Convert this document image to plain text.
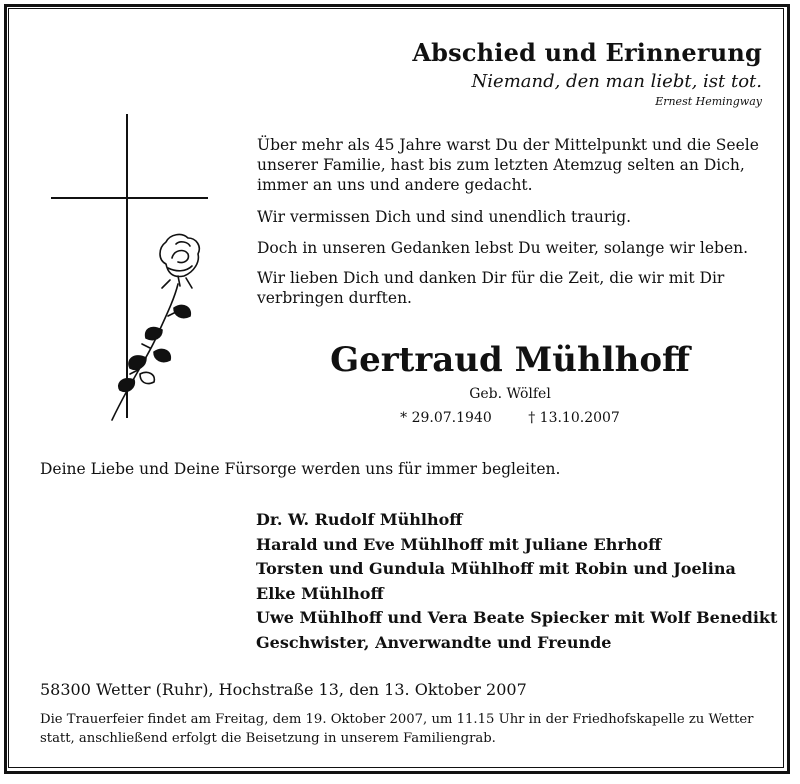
Abschied und Erinnerung
Niemand, den man liebt, ist tot.
Ernest Hemingway
Über mehr als 45 Jahre warst Du der Mittelpunkt und die Seele unserer Familie, hast bis zum letzten Atemzug selten an Dich, immer an uns und andere gedacht.
Wir vermissen Dich und sind unendlich traurig.
Doch in unseren Gedanken lebst Du weiter, solange wir leben.
Wir lieben Dich und danken Dir für die Zeit, die wir mit Dir verbringen durften.
Gertraud Mühlhoff
Geb. Wölfel
* 29.07.1940	† 13.10.2007
Deine Liebe und Deine Fürsorge werden uns für immer begleiten.
Dr. W. Rudolf Mühlhoff
Harald und Eve Mühlhoff mit Juliane Ehrhoff
Torsten und Gundula Mühlhoff mit Robin und Joelina
Elke Mühlhoff
Uwe Mühlhoff und Vera Beate Spiecker mit Wolf Benedikt
Geschwister, Anverwandte und Freunde
58300 Wetter (Ruhr), Hochstraße 13, den 13. Oktober 2007
Die Trauerfeier findet am Freitag, dem 19. Oktober 2007, um 11.15 Uhr in der Friedhofskapelle zu Wetter statt, anschließend erfolgt die Beisetzung in unserem Familiengrab.
